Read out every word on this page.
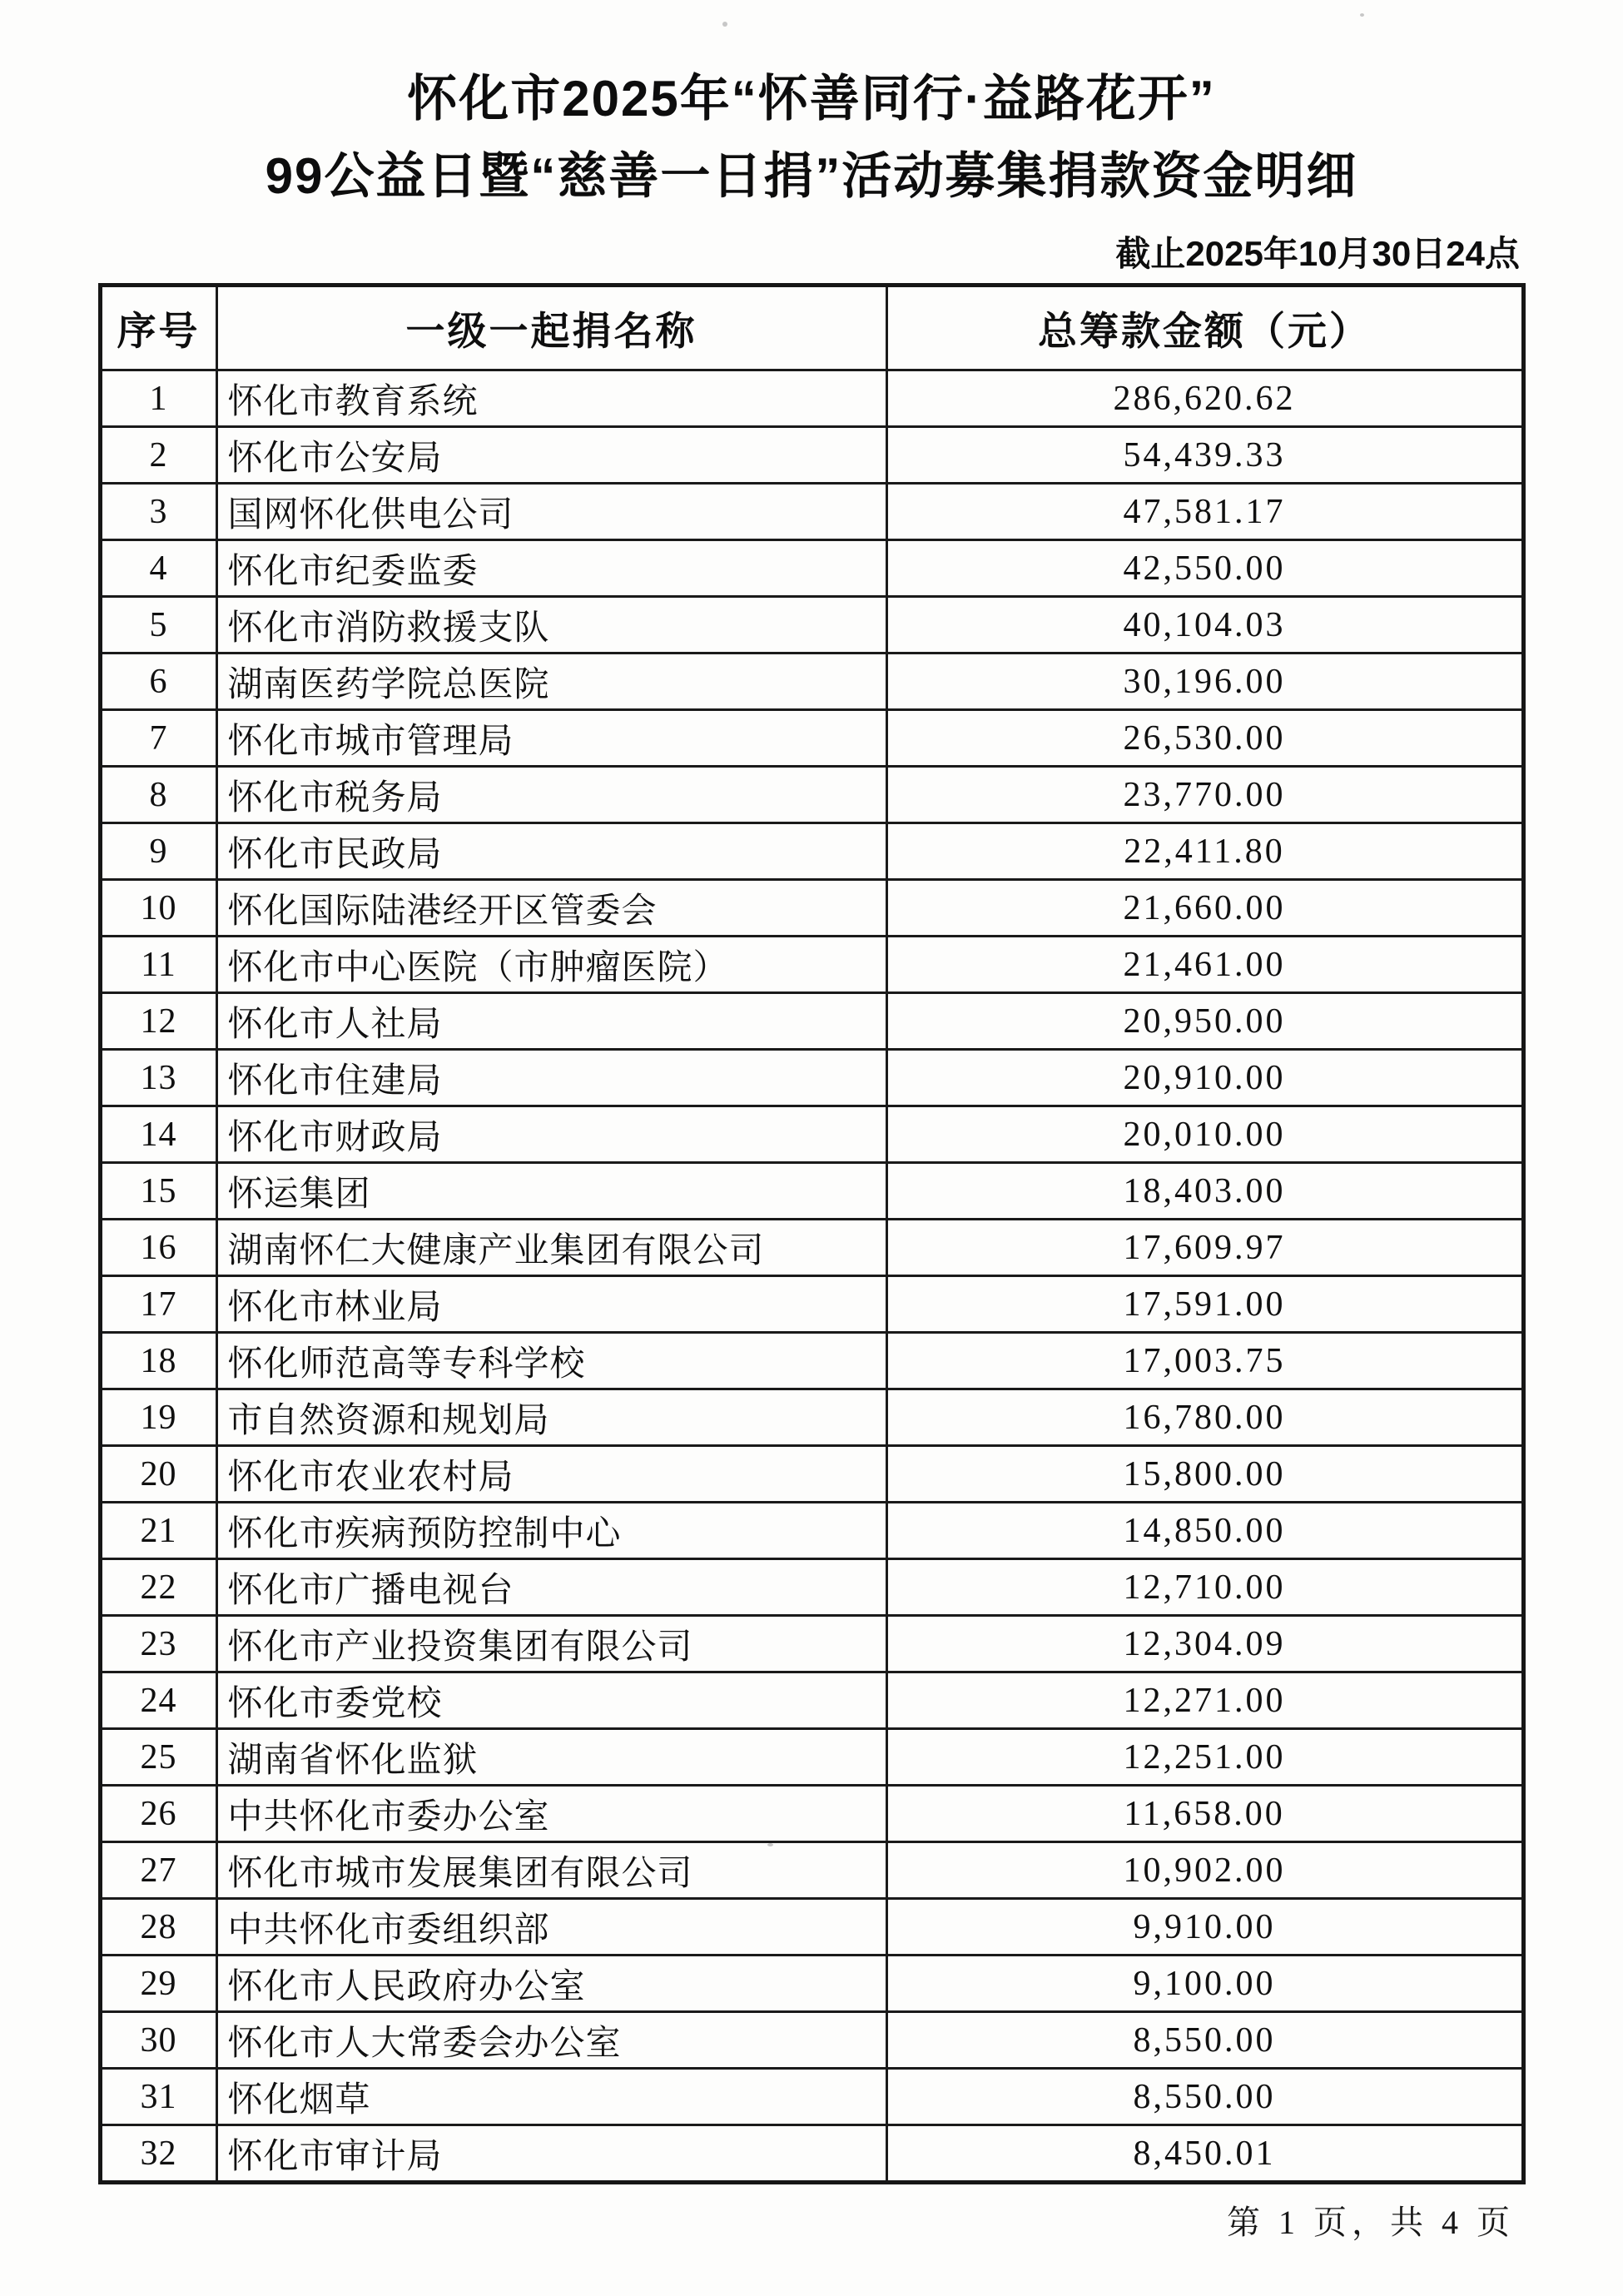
怀化市2025年“怀善同行·益路花开”
99公益日暨“慈善一日捐”活动募集捐款资金明细
截止2025年10月30日24点
序号	一级一起捐名称	总筹款金额（元）
1	怀化市教育系统	286,620.62
2	怀化市公安局	54,439.33
3	国网怀化供电公司	47,581.17
4	怀化市纪委监委	42,550.00
5	怀化市消防救援支队	40,104.03
6	湖南医药学院总医院	30,196.00
7	怀化市城市管理局	26,530.00
8	怀化市税务局	23,770.00
9	怀化市民政局	22,411.80
10	怀化国际陆港经开区管委会	21,660.00
11	怀化市中心医院（市肿瘤医院）	21,461.00
12	怀化市人社局	20,950.00
13	怀化市住建局	20,910.00
14	怀化市财政局	20,010.00
15	怀运集团	18,403.00
16	湖南怀仁大健康产业集团有限公司	17,609.97
17	怀化市林业局	17,591.00
18	怀化师范高等专科学校	17,003.75
19	市自然资源和规划局	16,780.00
20	怀化市农业农村局	15,800.00
21	怀化市疾病预防控制中心	14,850.00
22	怀化市广播电视台	12,710.00
23	怀化市产业投资集团有限公司	12,304.09
24	怀化市委党校	12,271.00
25	湖南省怀化监狱	12,251.00
26	中共怀化市委办公室	11,658.00
27	怀化市城市发展集团有限公司	10,902.00
28	中共怀化市委组织部	9,910.00
29	怀化市人民政府办公室	9,100.00
30	怀化市人大常委会办公室	8,550.00
31	怀化烟草	8,550.00
32	怀化市审计局	8,450.01
第 1 页，共 4 页
